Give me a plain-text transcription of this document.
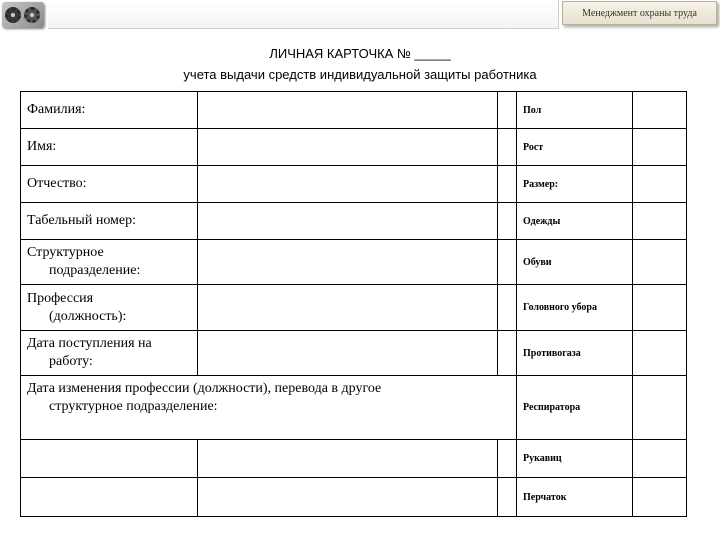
Менеджмент охраны труда
ЛИЧНАЯ КАРТОЧКА № _____
учета выдачи средств индивидуальной защиты работника
Фамилия:			Пол	
Имя:			Рост	
Отчество:			Размер:	
Табельный номер:			Одежды	
Структурное
подразделение:			Обуви	
Профессия
(должность):			Головного убора	
Дата поступления на
работу:			Противогаза	
Дата изменения профессии (должности), перевода в другое
структурное подразделение:			Респиратора	
			Рукавиц	
			Перчаток	
